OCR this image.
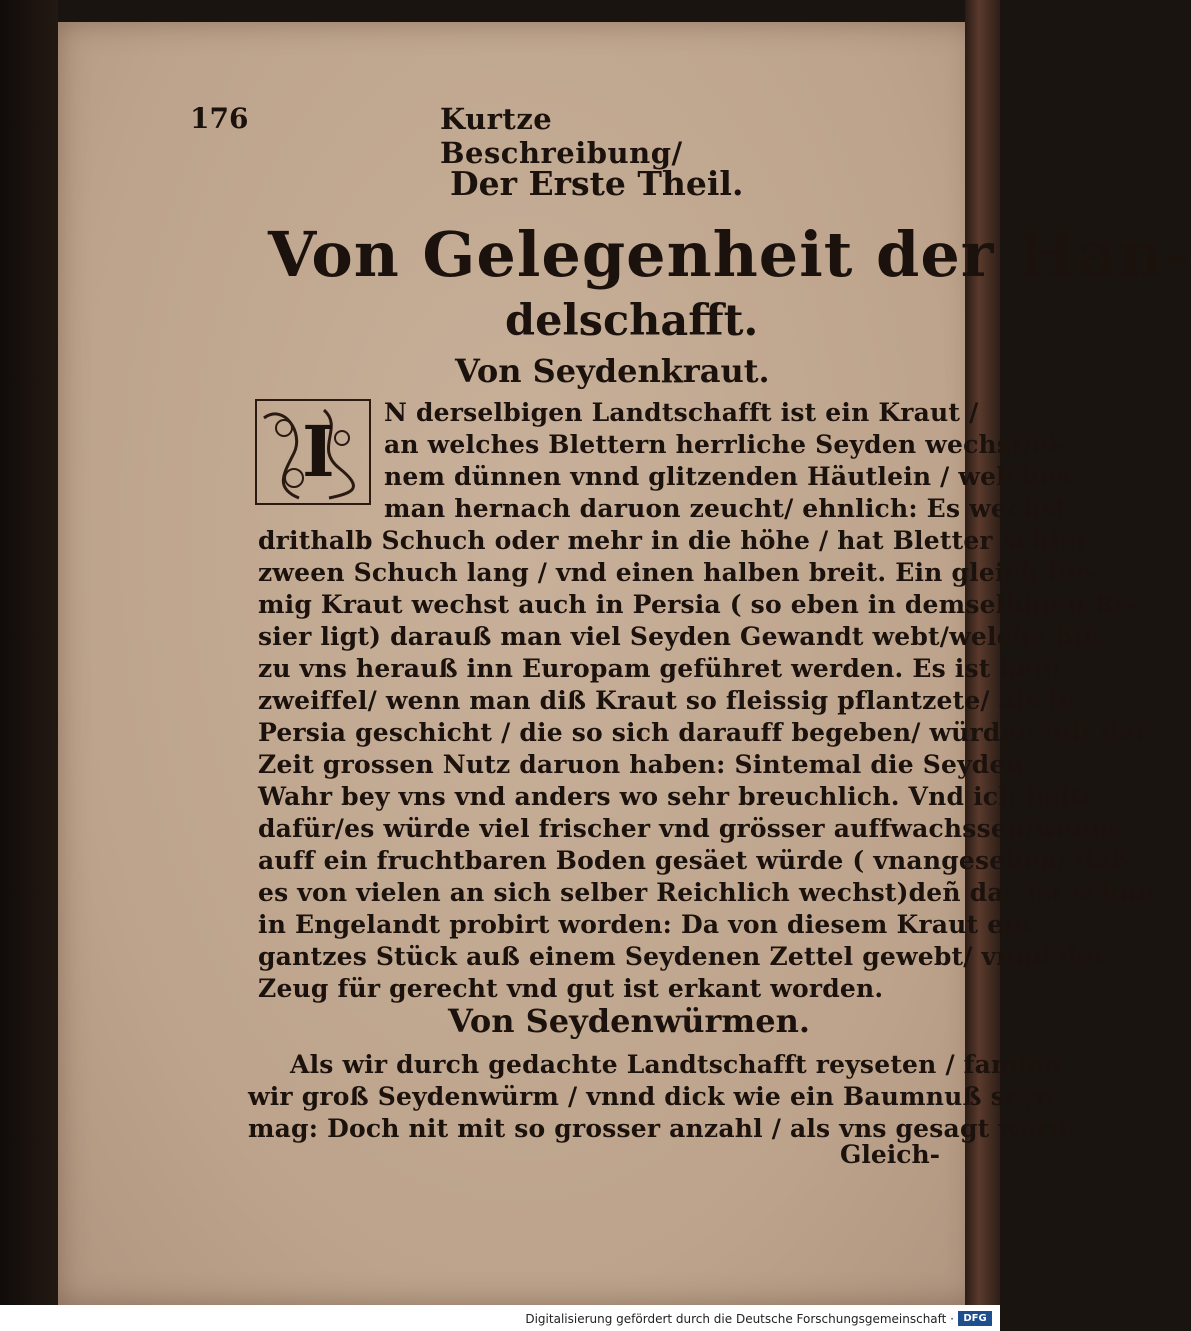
176	Kurtze Beschreibung/
Der Erste Theil.
Von Gelegenheit der Han-
delschafft.
Von Seydenkraut.
I N derselbigen Landtschafft ist ein Kraut /
an welches Blettern herrliche Seyden wechst/ei-
nem dünnen vnnd glitzenden Häutlein / welches
man hernach daruon zeucht/ ehnlich: Es wechst
drithalb Schuch oder mehr in die höhe / hat Bletter schier
zween Schuch lang / vnd einen halben breit. Ein gleich för-
mig Kraut wechst auch in Persia ( so eben in demselbigen Re-
sier ligt) darauß man viel Seyden Gewandt webt/welche biß
zu vns herauß inn Europam geführet werden. Es ist kein
zweiffel/ wenn man diß Kraut so fleissig pflantzete/ als in
Persia geschicht / die so sich darauff begeben/ würden mit der
Zeit grossen Nutz daruon haben: Sintemal die Seyden
Wahr bey vns vnd anders wo sehr breuchlich. Vnd ich halte
dafür/es würde viel frischer vnd grösser auffwachssen/wenns
auff ein fruchtbaren Boden gesäet würde ( vnangesehen/ daß
es von vielen an sich selber Reichlich wechst)deñ das ist schon
in Engelandt probirt worden: Da von diesem Kraut ein
gantzes Stück auß einem Seydenen Zettel gewebt/ vnnd der
Zeug für gerecht vnd gut ist erkant worden.
Von Seydenwürmen.
Als wir durch gedachte Landtschafft reyseten / fanden
wir groß Seydenwürm / vnnd dick wie ein Baumnuß seyn
mag: Doch nit mit so grosser anzahl / als vns gesagt ward.
Gleich-
Digitalisierung gefördert durch die Deutsche Forschungsgemeinschaft · DFG
